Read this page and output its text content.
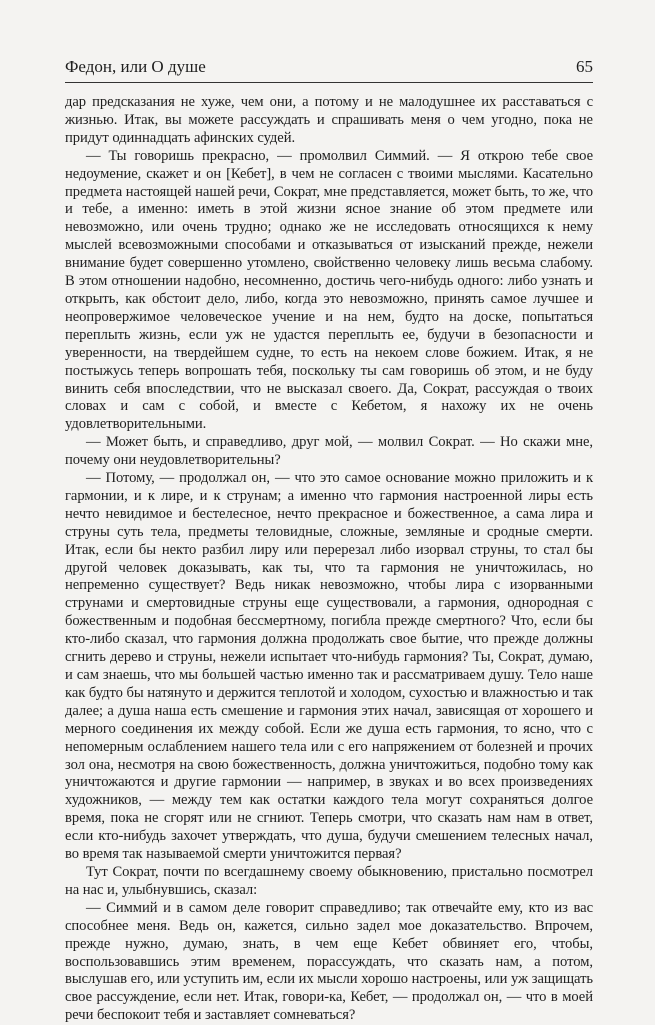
Федон, или О душе	65

дар предсказания не хуже, чем они, а потому и не малодушнее их расставаться с жизнью. Итак, вы можете рассуждать и спрашивать меня о чем угодно, пока не придут одиннадцать афинских судей.

— Ты говоришь прекрасно, — промолвил Симмий. — Я открою тебе свое недоумение, скажет и он [Кебет], в чем не согласен с твоими мыслями. Касательно предмета настоящей нашей речи, Сократ, мне представляется, может быть, то же, что и тебе, а именно: иметь в этой жизни ясное знание об этом предмете или невозможно, или очень трудно; однако же не исследовать относящихся к нему мыслей всевозможными способами и отказываться от изысканий прежде, нежели внимание будет совершенно утомлено, свойственно человеку лишь весьма слабому. В этом отношении надобно, несомненно, достичь чего-нибудь одного: либо узнать и открыть, как обстоит дело, либо, когда это невозможно, принять самое лучшее и неопровержимое человеческое учение и на нем, будто на доске, попытаться переплыть жизнь, если уж не удастся переплыть ее, будучи в безопасности и уверенности, на твердейшем судне, то есть на некоем слове божием. Итак, я не постыжусь теперь вопрошать тебя, поскольку ты сам говоришь об этом, и не буду винить себя впоследствии, что не высказал своего. Да, Сократ, рассуждая о твоих словах и сам с собой, и вместе с Кебетом, я нахожу их не очень удовлетворительными.

— Может быть, и справедливо, друг мой, — молвил Сократ. — Но скажи мне, почему они неудовлетворительны?

— Потому, — продолжал он, — что это самое основание можно приложить и к гармонии, и к лире, и к струнам; а именно что гармония настроенной лиры есть нечто невидимое и бестелесное, нечто прекрасное и божественное, а сама лира и струны суть тела, предметы теловидные, сложные, земляные и сродные смерти. Итак, если бы некто разбил лиру или перерезал либо изорвал струны, то стал бы другой человек доказывать, как ты, что та гармония не уничтожилась, но непременно существует? Ведь никак невозможно, чтобы лира с изорванными струнами и смертовидные струны еще существовали, а гармония, однородная с божественным и подобная бессмертному, погибла прежде смертного? Что, если бы кто-либо сказал, что гармония должна продолжать свое бытие, что прежде должны сгнить дерево и струны, нежели испытает что-нибудь гармония? Ты, Сократ, думаю, и сам знаешь, что мы большей частью именно так и рассматриваем душу. Тело наше как будто бы натянуто и держится теплотой и холодом, сухостью и влажностью и так далее; а душа наша есть смешение и гармония этих начал, зависящая от хорошего и мерного соединения их между собой. Если же душа есть гармония, то ясно, что с непомерным ослаблением нашего тела или с его напряжением от болезней и прочих зол она, несмотря на свою божественность, должна уничтожиться, подобно тому как уничтожаются и другие гармонии — например, в звуках и во всех произведениях художников, — между тем как остатки каждого тела могут сохраняться долгое время, пока не сгорят или не сгниют. Теперь смотри, что сказать нам нам в ответ, если кто-нибудь захочет утверждать, что душа, будучи смешением телесных начал, во время так называемой смерти уничтожится первая?

Тут Сократ, почти по всегдашнему своему обыкновению, пристально посмотрел на нас и, улыбнувшись, сказал:

— Симмий и в самом деле говорит справедливо; так отвечайте ему, кто из вас способнее меня. Ведь он, кажется, сильно задел мое доказательство. Впрочем, прежде нужно, думаю, знать, в чем еще Кебет обвиняет его, чтобы, воспользовавшись этим временем, порассуждать, что сказать нам, а потом, выслушав его, или уступить им, если их мысли хорошо настроены, или уж защищать свое рассуждение, если нет. Итак, говори-ка, Кебет, — продолжал он, — что в моей речи беспокоит тебя и заставляет сомневаться?
